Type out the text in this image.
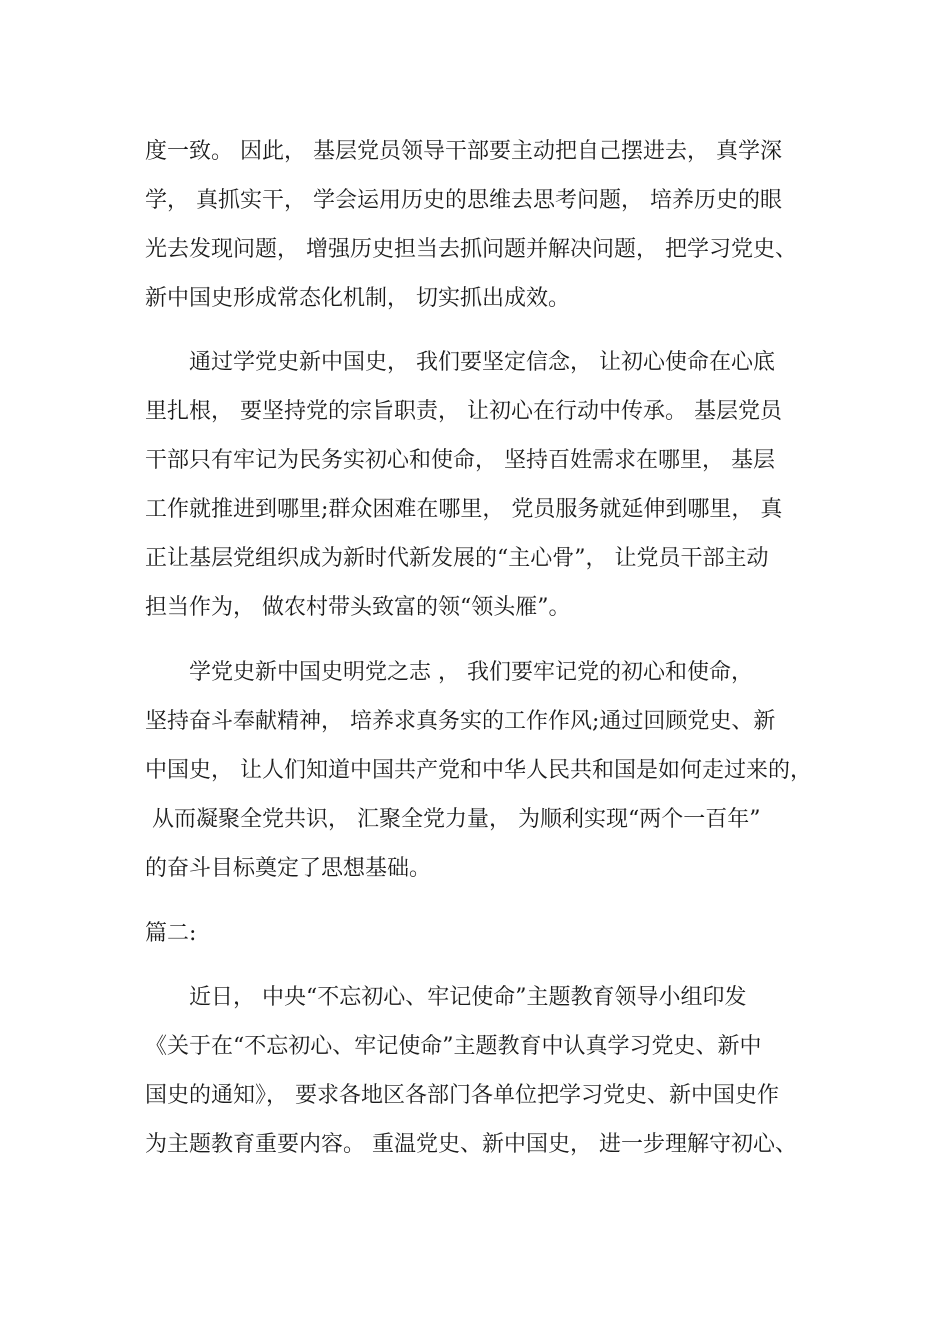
度一致。 因此， 基层党员领导干部要主动把自己摆进去， 真学深
学， 真抓实干， 学会运用历史的思维去思考问题， 培养历史的眼
光去发现问题， 增强历史担当去抓问题并解决问题， 把学习党史、
新中国史形成常态化机制， 切实抓出成效。
通过学党史新中国史， 我们要坚定信念， 让初心使命在心底
里扎根， 要坚持党的宗旨职责， 让初心在行动中传承。 基层党员
干部只有牢记为民务实初心和使命， 坚持百姓需求在哪里， 基层
工作就推进到哪里;群众困难在哪里， 党员服务就延伸到哪里， 真
正让基层党组织成为新时代新发展的“主心骨”， 让党员干部主动
担当作为， 做农村带头致富的领“领头雁”。
学党史新中国史明党之志 ， 我们要牢记党的初心和使命，
坚持奋斗奉献精神， 培养求真务实的工作作风;通过回顾党史、新
中国史， 让人们知道中国共产党和中华人民共和国是如何走过来的，
从而凝聚全党共识， 汇聚全党力量， 为顺利实现“两个一百年”
的奋斗目标奠定了思想基础。
篇二:
近日， 中央“不忘初心、牢记使命”主题教育领导小组印发
《关于在“不忘初心、牢记使命”主题教育中认真学习党史、新中
国史的通知》， 要求各地区各部门各单位把学习党史、新中国史作
为主题教育重要内容。 重温党史、新中国史， 进一步理解守初心、
